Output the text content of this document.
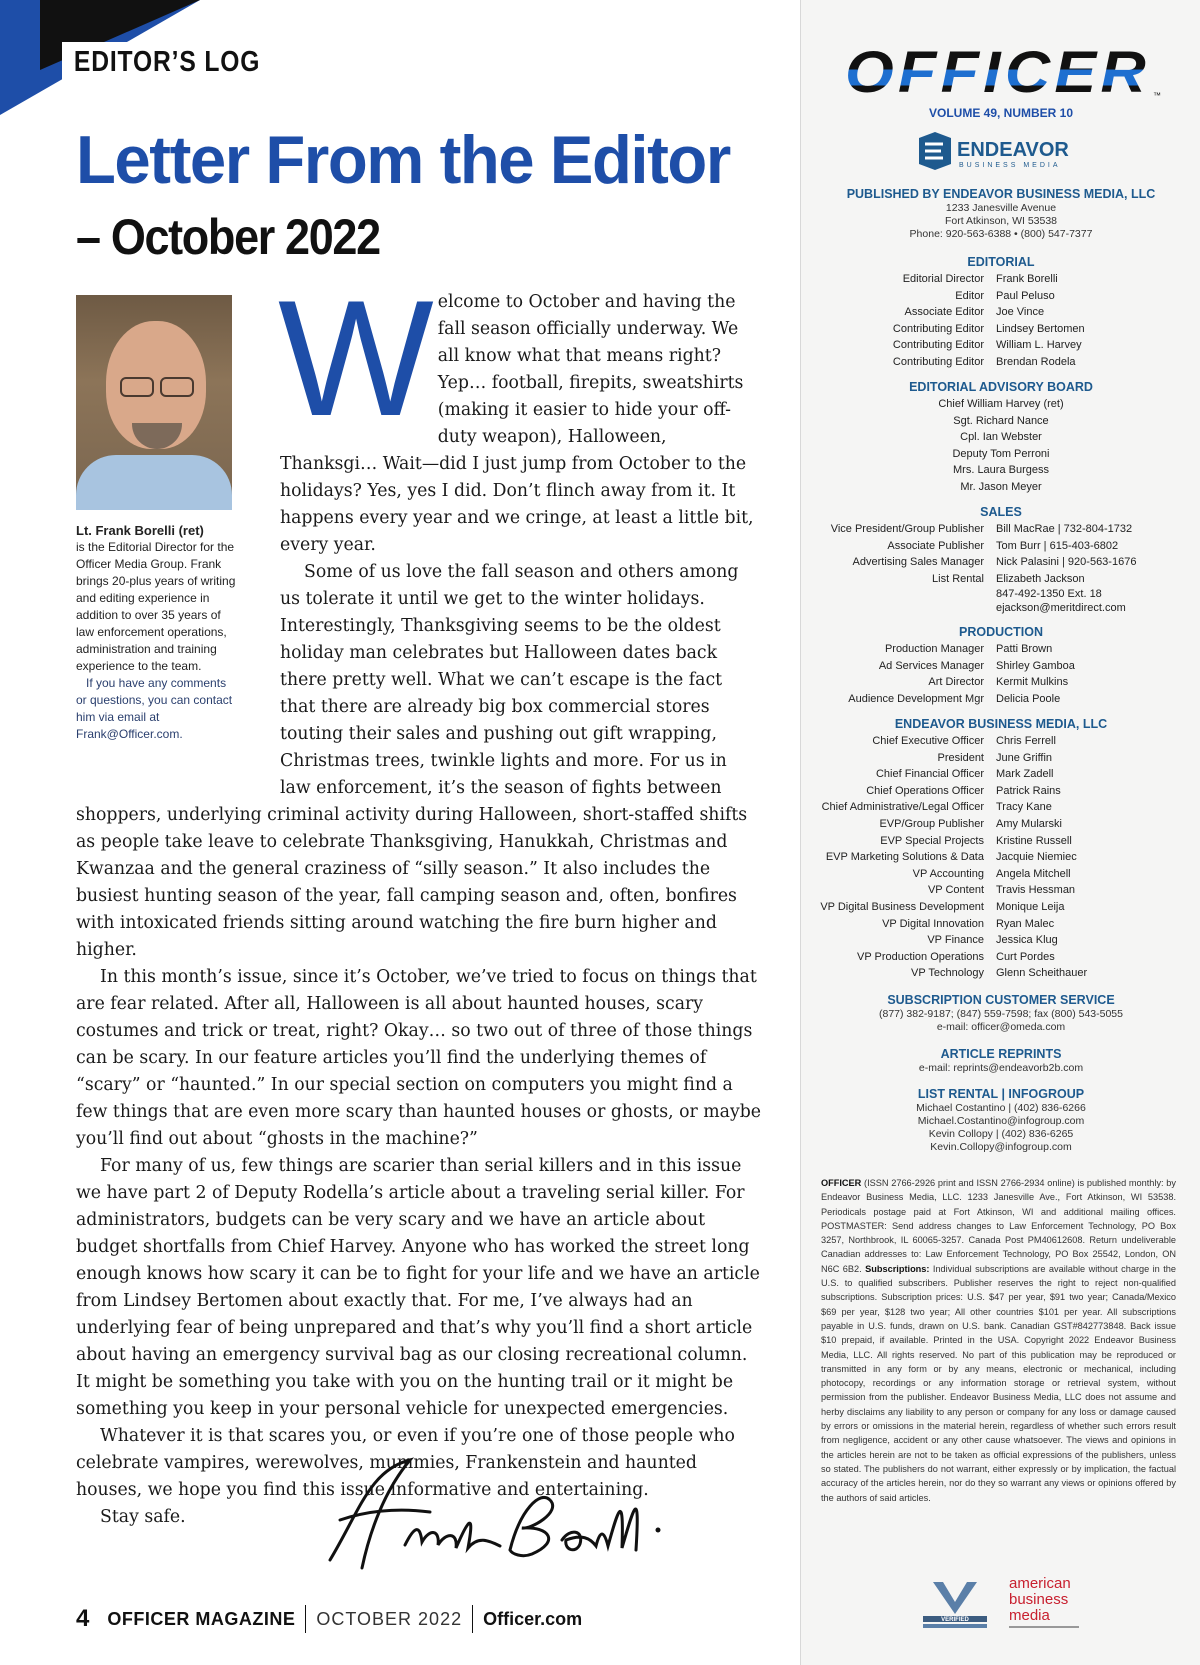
EDITOR’S LOG
Letter From the Editor
– October 2022
Lt. Frank Borelli (ret)
is the Editorial Director for the Officer Media Group. Frank brings 20-plus years of writing and editing experience in addition to over 35 years of law enforcement operations, administration and training experience to the team.
If you have any comments or questions, you can contact him via email at Frank@Officer.com.
W elcome to October and having the fall season officially underway. We all know what that means right? Yep… football, firepits, sweatshirts (making it easier to hide your off-duty weapon), Halloween, Thanksgi… Wait—did I just jump from October to the holidays? Yes, yes I did. Don’t flinch away from it. It happens every year and we cringe, at least a little bit, every year.

Some of us love the fall season and others among us tolerate it until we get to the winter holidays. Interestingly, Thanksgiving seems to be the oldest holiday man celebrates but Halloween dates back there pretty well. What we can’t escape is the fact that there are already big box commercial stores touting their sales and pushing out gift wrapping, Christmas trees, twinkle lights and more. For us in law enforcement, it’s the season of fights between shoppers, underlying criminal activity during Halloween, short-staffed shifts as people take leave to celebrate Thanksgiving, Hanukkah, Christmas and Kwanzaa and the general craziness of “silly season.” It also includes the busiest hunting season of the year, fall camping season and, often, bonfires with intoxicated friends sitting around watching the fire burn higher and higher.

In this month’s issue, since it’s October, we’ve tried to focus on things that are fear related. After all, Halloween is all about haunted houses, scary costumes and trick or treat, right? Okay… so two out of three of those things can be scary. In our feature articles you’ll find the underlying themes of “scary” or “haunted.” In our special section on computers you might find a few things that are even more scary than haunted houses or ghosts, or maybe you’ll find out about “ghosts in the machine?”

For many of us, few things are scarier than serial killers and in this issue we have part 2 of Deputy Rodella’s article about a traveling serial killer. For administrators, budgets can be very scary and we have an article about budget shortfalls from Chief Harvey. Anyone who has worked the street long enough knows how scary it can be to fight for your life and we have an article from Lindsey Bertomen about exactly that. For me, I’ve always had an underlying fear of being unprepared and that’s why you’ll find a short article about having an emergency survival bag as our closing recreational column. It might be something you take with you on the hunting trail or it might be something you keep in your personal vehicle for unexpected emergencies.

Whatever it is that scares you, or even if you’re one of those people who celebrate vampires, werewolves, mummies, Frankenstein and haunted houses, we hope you find this issue informative and entertaining.

Stay safe.

4 OFFICER MAGAZINE OCTOBER 2022 Officer.com
OFFICER ™
VOLUME 49, NUMBER 10
ENDEAVOR
BUSINESS MEDIA
PUBLISHED BY ENDEAVOR BUSINESS MEDIA, LLC
1233 Janesville Avenue
Fort Atkinson, WI 53538
Phone: 920-563-6388 • (800) 547-7377
EDITORIAL
Editorial Director	Frank Borelli
Editor	Paul Peluso
Associate Editor	Joe Vince
Contributing Editor	Lindsey Bertomen
Contributing Editor	William L. Harvey
Contributing Editor	Brendan Rodela
EDITORIAL ADVISORY BOARD
Chief William Harvey (ret)
Sgt. Richard Nance
Cpl. Ian Webster
Deputy Tom Perroni
Mrs. Laura Burgess
Mr. Jason Meyer
SALES
Vice President/Group Publisher	Bill MacRae | 732-804-1732
Associate Publisher	Tom Burr | 615-403-6802
Advertising Sales Manager	Nick Palasini | 920-563-1676
List Rental	Elizabeth Jackson
847-492-1350 Ext. 18
ejackson@meritdirect.com
PRODUCTION
Production Manager	Patti Brown
Ad Services Manager	Shirley Gamboa
Art Director	Kermit Mulkins
Audience Development Mgr	Delicia Poole
ENDEAVOR BUSINESS MEDIA, LLC
Chief Executive Officer	Chris Ferrell
President	June Griffin
Chief Financial Officer	Mark Zadell
Chief Operations Officer	Patrick Rains
Chief Administrative/Legal Officer	Tracy Kane
EVP/Group Publisher	Amy Mularski
EVP Special Projects	Kristine Russell
EVP Marketing Solutions & Data	Jacquie Niemiec
VP Accounting	Angela Mitchell
VP Content	Travis Hessman
VP Digital Business Development	Monique Leija
VP Digital Innovation	Ryan Malec
VP Finance	Jessica Klug
VP Production Operations	Curt Pordes
VP Technology	Glenn Scheithauer
SUBSCRIPTION CUSTOMER SERVICE
(877) 382-9187; (847) 559-7598; fax (800) 543-5055
e-mail: officer@omeda.com
ARTICLE REPRINTS
e-mail: reprints@endeavorb2b.com
LIST RENTAL | INFOGROUP
Michael Costantino | (402) 836-6266
Michael.Costantino@infogroup.com
Kevin Collopy | (402) 836-6265
Kevin.Collopy@infogroup.com
OFFICER (ISSN 2766-2926 print and ISSN 2766-2934 online) is published monthly: by Endeavor Business Media, LLC. 1233 Janesville Ave., Fort Atkinson, WI 53538. Periodicals postage paid at Fort Atkinson, WI and additional mailing offices. POSTMASTER: Send address changes to Law Enforcement Technology, PO Box 3257, Northbrook, IL 60065-3257. Canada Post PM40612608. Return undeliverable Canadian addresses to: Law Enforcement Technology, PO Box 25542, London, ON N6C 6B2. Subscriptions: Individual subscriptions are available without charge in the U.S. to qualified subscribers. Publisher reserves the right to reject non-qualified subscriptions. Subscription prices: U.S. $47 per year, $91 two year; Canada/Mexico $69 per year, $128 two year; All other countries $101 per year. All subscriptions payable in U.S. funds, drawn on U.S. bank. Canadian GST#842773848. Back issue $10 prepaid, if available. Printed in the USA. Copyright 2022 Endeavor Business Media, LLC. All rights reserved. No part of this publication may be reproduced or transmitted in any form or by any means, electronic or mechanical, including photocopy, recordings or any information storage or retrieval system, without permission from the publisher. Endeavor Business Media, LLC does not assume and herby disclaims any liability to any person or company for any loss or damage caused by errors or omissions in the material herein, regardless of whether such errors result from negligence, accident or any other cause whatsoever. The views and opinions in the articles herein are not to be taken as official expressions of the publishers, unless so stated. The publishers do not warrant, either expressly or by implication, the factual accuracy of the articles herein, nor do they so warrant any views or opinions offered by the authors of said articles.
VERIFIED
american
business
media
